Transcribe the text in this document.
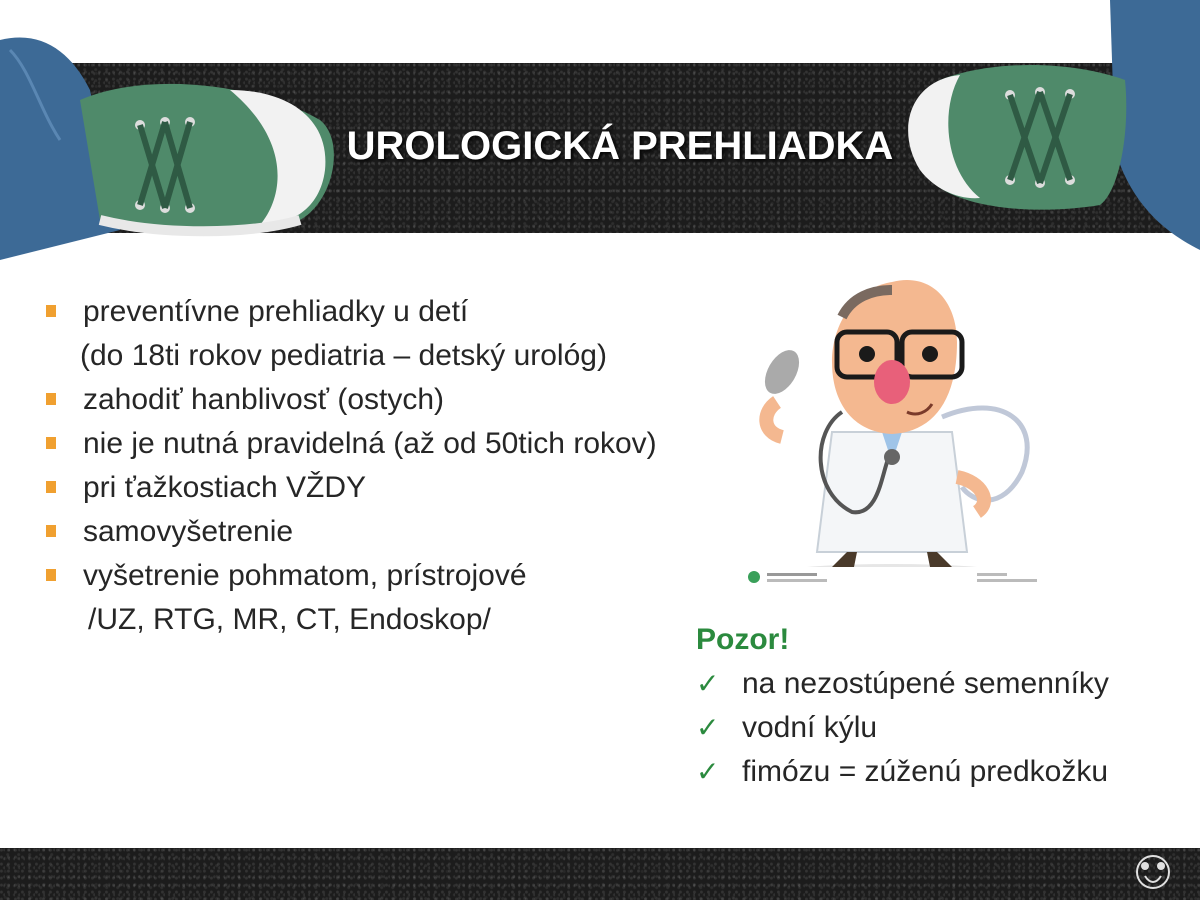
UROLOGICKÁ PREHLIADKA
preventívne prehliadky u detí
(do 18ti rokov pediatria – detský urológ)
zahodiť hanblivosť (ostych)
nie je nutná pravidelná (až od 50tich rokov)
pri ťažkostiach VŽDY
samovyšetrenie
vyšetrenie pohmatom, prístrojové
/UZ, RTG, MR, CT, Endoskop/
Pozor!
✓ na nezostúpené semenníky
✓ vodní kýlu
✓ fimózu = zúženú predkožku
